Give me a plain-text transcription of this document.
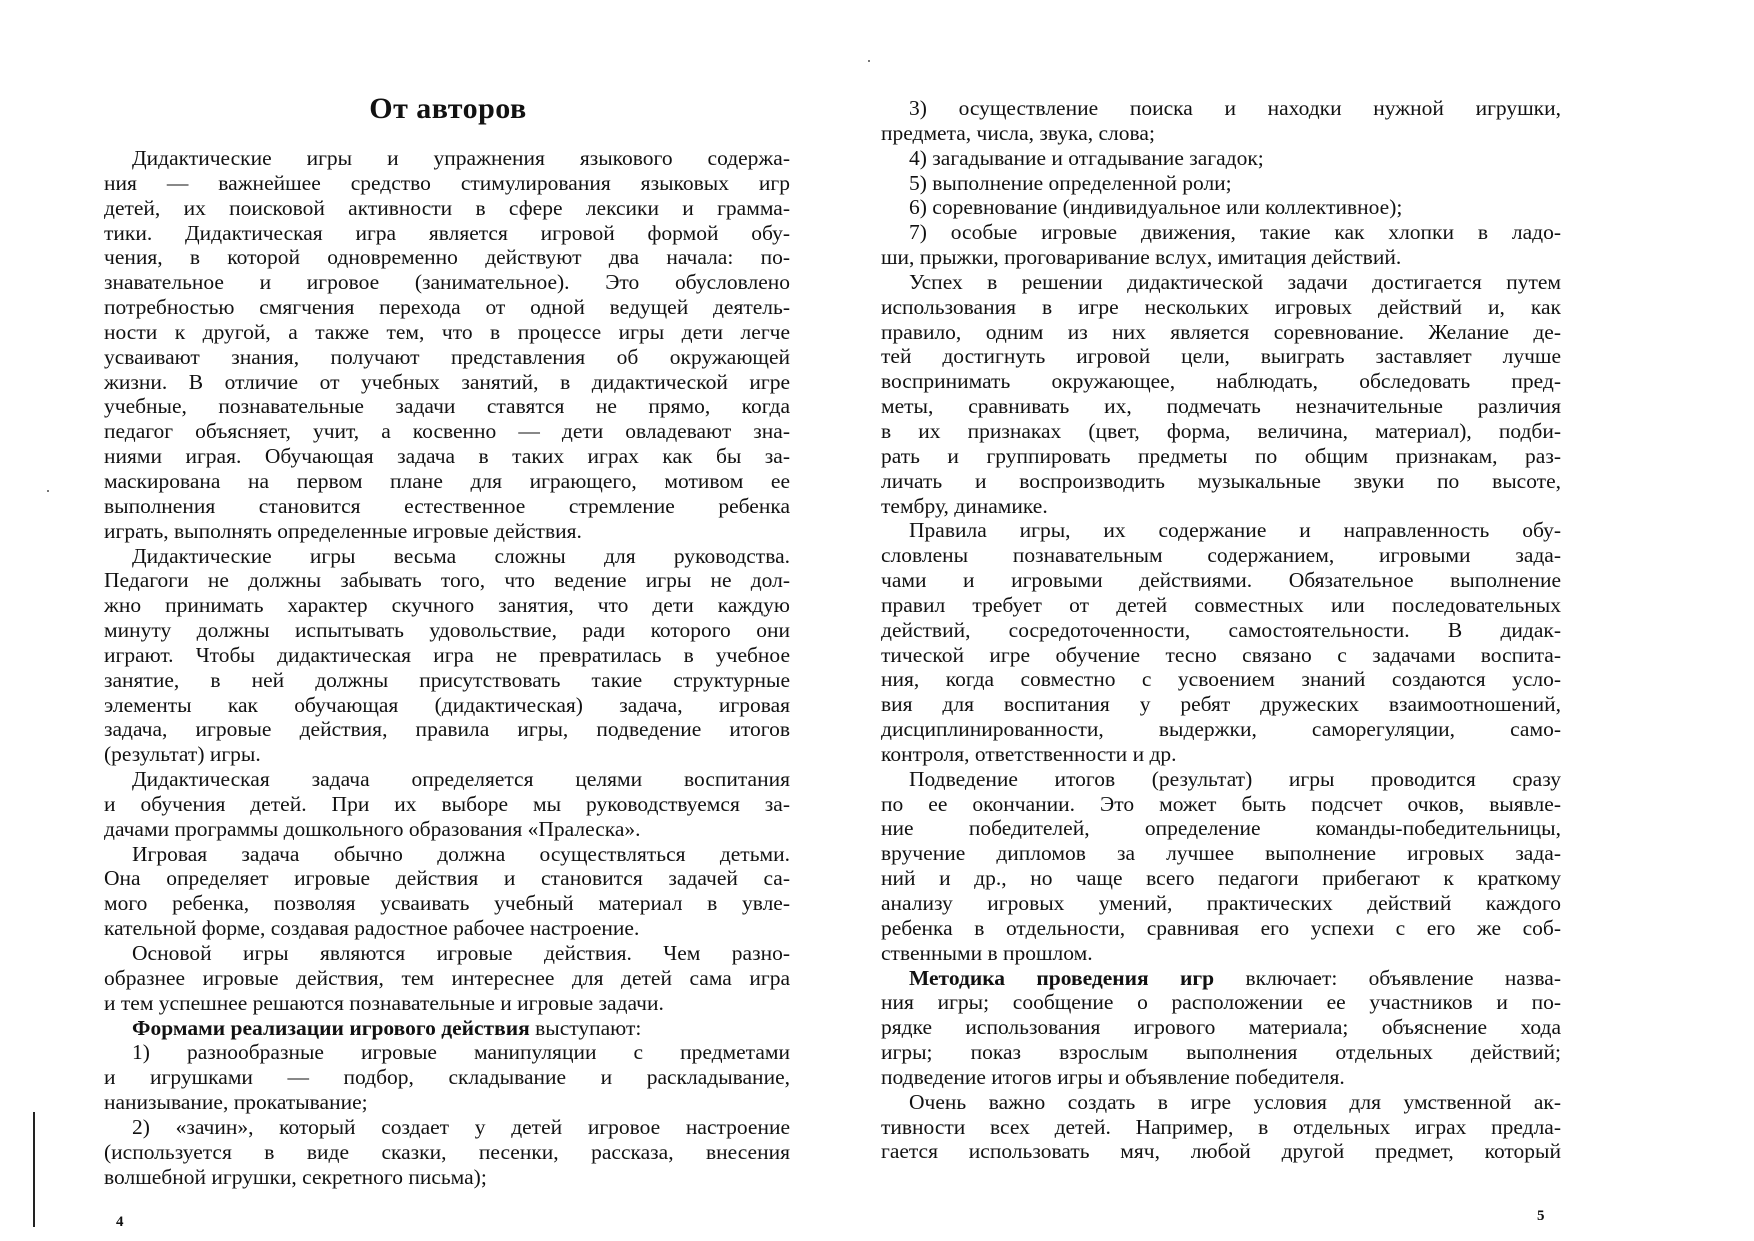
От авторов
Дидактические игры и упражнения языкового содержа-
ния — важнейшее средство стимулирования языковых игр
детей, их поисковой активности в сфере лексики и грамма-
тики. Дидактическая игра является игровой формой обу-
чения, в которой одновременно действуют два начала: по-
знавательное и игровое (занимательное). Это обусловлено
потребностью смягчения перехода от одной ведущей деятель-
ности к другой, а также тем, что в процессе игры дети легче
усваивают знания, получают представления об окружающей
жизни. В отличие от учебных занятий, в дидактической игре
учебные, познавательные задачи ставятся не прямо, когда
педагог объясняет, учит, а косвенно — дети овладевают зна-
ниями играя. Обучающая задача в таких играх как бы за-
маскирована на первом плане для играющего, мотивом ее
выполнения становится естественное стремление ребенка
играть, выполнять определенные игровые действия.
Дидактические игры весьма сложны для руководства.
Педагоги не должны забывать того, что ведение игры не дол-
жно принимать характер скучного занятия, что дети каждую
минуту должны испытывать удовольствие, ради которого они
играют. Чтобы дидактическая игра не превратилась в учебное
занятие, в ней должны присутствовать такие структурные
элементы как обучающая (дидактическая) задача, игровая
задача, игровые действия, правила игры, подведение итогов
(результат) игры.
Дидактическая задача определяется целями воспитания
и обучения детей. При их выборе мы руководствуемся за-
дачами программы дошкольного образования «Пралеска».
Игровая задача обычно должна осуществляться детьми.
Она определяет игровые действия и становится задачей са-
мого ребенка, позволяя усваивать учебный материал в увле-
кательной форме, создавая радостное рабочее настроение.
Основой игры являются игровые действия. Чем разно-
образнее игровые действия, тем интереснее для детей сама игра
и тем успешнее решаются познавательные и игровые задачи.
Формами реализации игрового действия выступают:
1) разнообразные игровые манипуляции с предметами
и игрушками — подбор, складывание и раскладывание,
нанизывание, прокатывание;
2) «зачин», который создает у детей игровое настроение
(используется в виде сказки, песенки, рассказа, внесения
волшебной игрушки, секретного письма);
3) осуществление поиска и находки нужной игрушки,
предмета, числа, звука, слова;
4) загадывание и отгадывание загадок;
5) выполнение определенной роли;
6) соревнование (индивидуальное или коллективное);
7) особые игровые движения, такие как хлопки в ладо-
ши, прыжки, проговаривание вслух, имитация действий.
Успех в решении дидактической задачи достигается путем
использования в игре нескольких игровых действий и, как
правило, одним из них является соревнование. Желание де-
тей достигнуть игровой цели, выиграть заставляет лучше
воспринимать окружающее, наблюдать, обследовать пред-
меты, сравнивать их, подмечать незначительные различия
в их признаках (цвет, форма, величина, материал), подби-
рать и группировать предметы по общим признакам, раз-
личать и воспроизводить музыкальные звуки по высоте,
тембру, динамике.
Правила игры, их содержание и направленность обу-
словлены познавательным содержанием, игровыми зада-
чами и игровыми действиями. Обязательное выполнение
правил требует от детей совместных или последовательных
действий, сосредоточенности, самостоятельности. В дидак-
тической игре обучение тесно связано с задачами воспита-
ния, когда совместно с усвоением знаний создаются усло-
вия для воспитания у ребят дружеских взаимоотношений,
дисциплинированности, выдержки, саморегуляции, само-
контроля, ответственности и др.
Подведение итогов (результат) игры проводится сразу
по ее окончании. Это может быть подсчет очков, выявле-
ние победителей, определение команды-победительницы,
вручение дипломов за лучшее выполнение игровых зада-
ний и др., но чаще всего педагоги прибегают к краткому
анализу игровых умений, практических действий каждого
ребенка в отдельности, сравнивая его успехи с его же соб-
ственными в прошлом.
Методика проведения игр включает: объявление назва-
ния игры; сообщение о расположении ее участников и по-
рядке использования игрового материала; объяснение хода
игры; показ взрослым выполнения отдельных действий;
подведение итогов игры и объявление победителя.
Очень важно создать в игре условия для умственной ак-
тивности всех детей. Например, в отдельных играх предла-
гается использовать мяч, любой другой предмет, который
4	5
